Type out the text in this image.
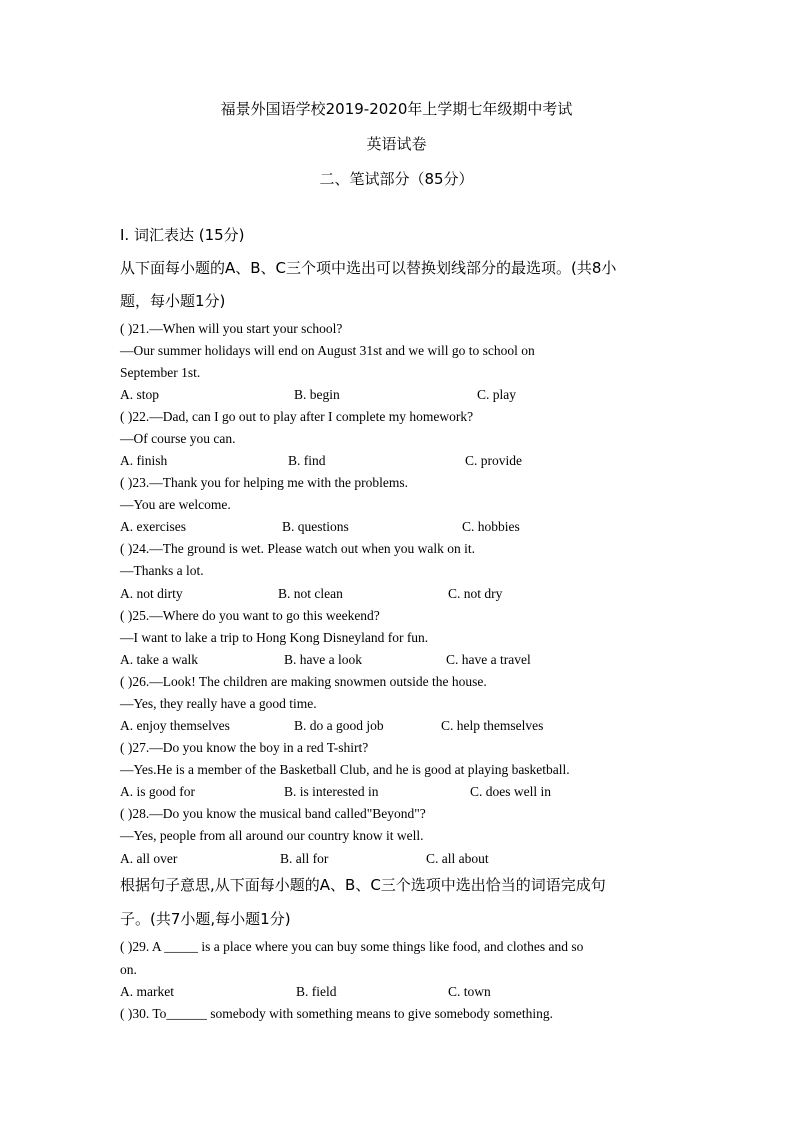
福景外国语学校2019-2020年上学期七年级期中考试
英语试卷
二、笔试部分（85分）
I. 词汇表达 (15分)
从下面每小题的A、B、C三个项中选出可以替换划线部分的最选项。(共8小
题，每小题1分)
( )21.—When will you start your school?
—Our summer holidays will end on August 31st and we will go to school on
September 1st.
A. stop	B. begin	C. play
( )22.—Dad, can I go out to play after I complete my homework?
—Of course you can.
A. finish	B. find	C. provide
( )23.—Thank you for helping me with the problems.
—You are welcome.
A. exercises	B. questions	C. hobbies
( )24.—The ground is wet. Please watch out when you walk on it.
—Thanks a lot.
A. not dirty	B. not clean	C. not dry
( )25.—Where do you want to go this weekend?
—I want to lake a trip to Hong Kong Disneyland for fun.
A. take a walk	B. have a look	C. have a travel
( )26.—Look! The children are making snowmen outside the house.
—Yes, they really have a good time.
A. enjoy themselves	B. do a good job	C. help themselves
( )27.—Do you know the boy in a red T-shirt?
—Yes.He is a member of the Basketball Club, and he is good at playing basketball.
A. is good for	B. is interested in	C. does well in
( )28.—Do you know the musical band called"Beyond"?
—Yes, people from all around our country know it well.
A. all over	B. all for	C. all about
根据句子意思,从下面每小题的A、B、C三个选项中选出恰当的词语完成句
子。(共7小题,每小题1分)
( )29. A _____ is a place where you can buy some things like food, and clothes and so
on.
A. market	B. field	C. town
( )30. To______ somebody with something means to give somebody something.
